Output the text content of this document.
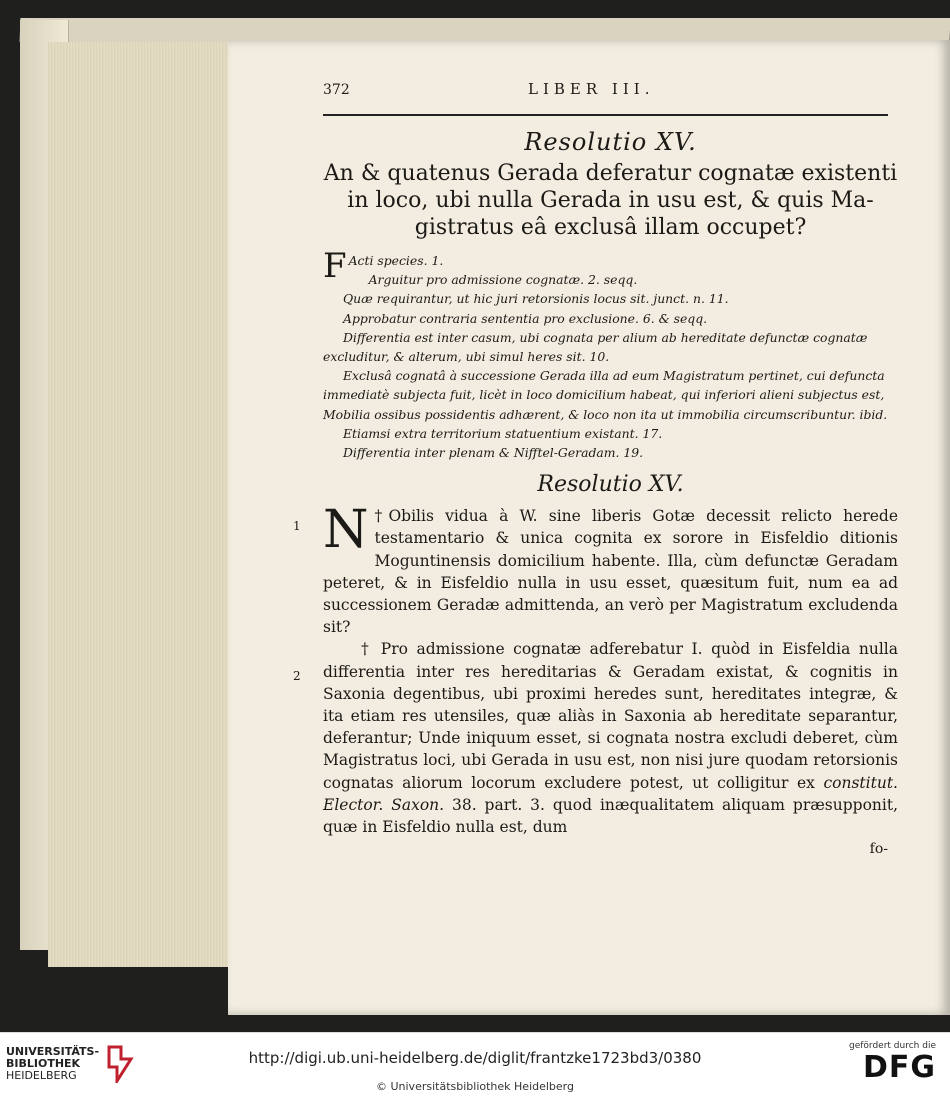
372	LIBER III.
Resolutio XV.
An & quatenus Gerada deferatur cognatæ existenti
in loco, ubi nulla Gerada in usu est, & quis Ma-
gistratus eâ exclusâ illam occupet?

F Acti species. 1.

Arguitur pro admissione cognatæ. 2. seqq.

Quæ requirantur, ut hic juri retorsionis locus sit. junct. n. 11.

Approbatur contraria sententia pro exclusione. 6. & seqq.

Differentia est inter casum, ubi cognata per alium ab hereditate defunctæ cognatæ excluditur, & alterum, ubi simul heres sit. 10.

Exclusâ cognatâ à successione Gerada illa ad eum Magistratum pertinet, cui defuncta immediatè subjecta fuit, licèt in loco domicilium habeat, qui inferiori alieni subjectus est, Mobilia ossibus possidentis adhærent, & loco non ita ut immobilia circumscribuntur. ibid.

Etiamsi extra territorium statuentium existant. 17.

Differentia inter plenam & Nifftel-Geradam. 19.

Resolutio XV.
1
2

†
N Obilis vidua à W. sine liberis Gotæ decessit relicto herede testamentario & unica cognita ex sorore in Eisfeldio ditionis Moguntinensis domicilium habente. Illa, cùm defunctæ Geradam peteret, & in Eisfeldio nulla in usu esset, quæsitum fuit, num ea ad successionem Geradæ admittenda, an verò per Magistratum excludenda sit?

† Pro admissione cognatæ adferebatur I. quòd in Eisfeldia nulla differentia inter res hereditarias & Geradam existat, & cognitis in Saxonia degentibus, ubi proximi heredes sunt, hereditates integræ, & ita etiam res utensiles, quæ aliàs in Saxonia ab hereditate separantur, deferantur; Unde iniquum esset, si cognata nostra excludi deberet, cùm Magistratus loci, ubi Gerada in usu est, non nisi jure quodam retorsionis cognatas aliorum locorum excludere potest, ut colligitur ex constitut. Elector. Saxon. 38. part. 3. quod inæqualitatem aliquam præsupponit, quæ in Eisfeldio nulla est, dum

fo-
UNIVERSITÄTS-
BIBLIOTHEK
HEIDELBERG
http://digi.ub.uni-heidelberg.de/diglit/frantzke1723bd3/0380
© Universitätsbibliothek Heidelberg
gefördert durch die
DFG
